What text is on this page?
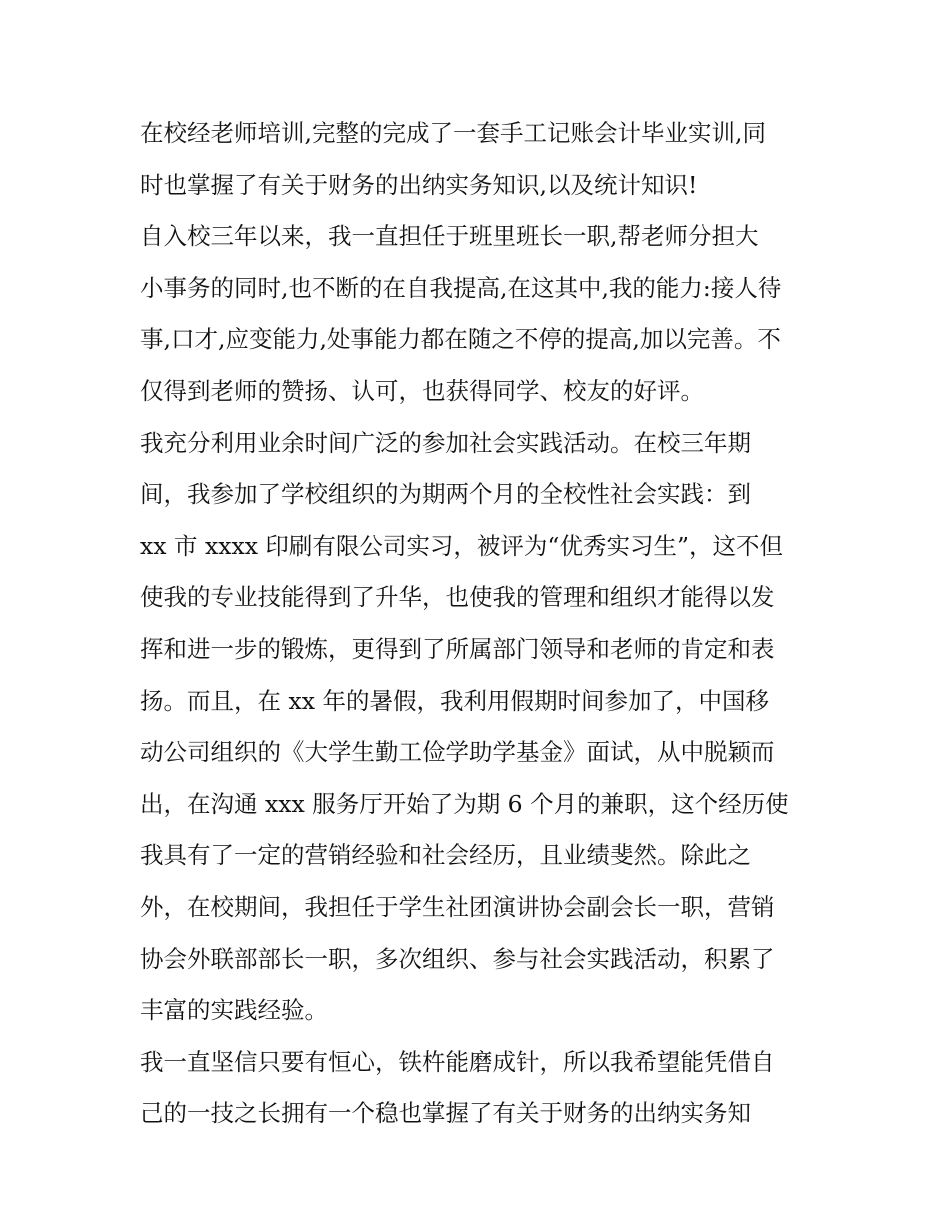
在校经老师培训,完整的完成了一套手工记账会计毕业实训,同
时也掌握了有关于财务的出纳实务知识,以及统计知识!
自入校三年以来，我一直担任于班里班长一职,帮老师分担大
小事务的同时,也不断的在自我提高,在这其中,我的能力:接人待
事,口才,应变能力,处事能力都在随之不停的提高,加以完善。不
仅得到老师的赞扬、认可，也获得同学、校友的好评。
我充分利用业余时间广泛的参加社会实践活动。在校三年期
间，我参加了学校组织的为期两个月的全校性社会实践：到
xx 市 xxxx 印刷有限公司实习，被评为“优秀实习生”，这不但
使我的专业技能得到了升华，也使我的管理和组织才能得以发
挥和进一步的锻炼，更得到了所属部门领导和老师的肯定和表
扬。而且，在 xx 年的暑假，我利用假期时间参加了，中国移
动公司组织的《大学生勤工俭学助学基金》面试，从中脱颖而
出，在沟通 xxx 服务厅开始了为期 6 个月的兼职，这个经历使
我具有了一定的营销经验和社会经历，且业绩斐然。除此之
外，在校期间，我担任于学生社团演讲协会副会长一职，营销
协会外联部部长一职，多次组织、参与社会实践活动，积累了
丰富的实践经验。
我一直坚信只要有恒心，铁杵能磨成针，所以我希望能凭借自
己的一技之长拥有一个稳也掌握了有关于财务的出纳实务知
